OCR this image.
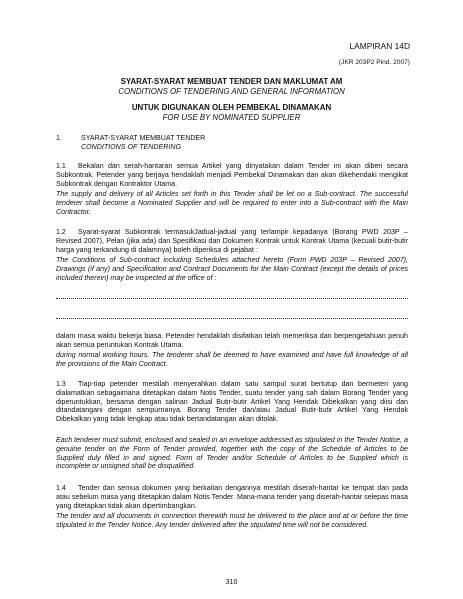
LAMPIRAN 14D
(JKR 203P2 Pind. 2007)
SYARAT-SYARAT MEMBUAT TENDER DAN MAKLUMAT AM
CONDITIONS OF TENDERING AND GENERAL INFORMATION
UNTUK DIGUNAKAN OLEH PEMBEKAL DINAMAKAN
FOR USE BY NOMINATED SUPPLIER
1.	SYARAT-SYARAT MEMBUAT TENDER
CONDITIONS OF TENDERING
1.1 Bekalan dan serah-hantaran semua Artikel yang dinyatakan dalam Tender ini akan diberi secara Subkontrak. Petender yang berjaya hendaklah menjadi Pembekal Dinamakan dan akan dikehendaki mengikat Subkontrak dengan Kontraktor Utama.
The supply and delivery of all Articles set forth in this Tender shall be let on a Sub-contract. The successful tenderer shall become a Nominated Supplier and will be required to enter into a Sub-contract with the Main Contractor.
1.2 Syarat-syarat Subkontrak termasukJadual-jadual yang terlampir kepadanya (Borang PWD 203P – Revised 2007), Pelan (jika ada) dan Spesifikasi dan Dokumen Kontrak untuk Kontrak Utama (kecuali butir-butir harga yang terkandung di dalamnya) boleh diperiksa di pejabat :
The Conditions of Sub-contract including Schedules attached hereto (Form PWD 203P – Revised 2007), Drawings (if any) and Specification and Contract Documents for the Main Contract (except the details of prices included therein) may be inspected at the office of :
dalam masa waktu bekerja biasa. Petender hendaklah disifatkan telah memeriksa dan berpengetahuan penuh akan semua peruntukan Kontrak Utama.
during normal working hours. The tenderer shall be deemed to have examined and have full knowledge of all the provisions of the Main Contract.
1.3 Tiap-tiap petender mestilah menyerahkan dalam satu sampul surat bertutup dan bermeteri yang dialamatkan sebagaimana ditetapkan dalam Notis Tender, suatu tender yang sah dalam Borang Tender yang diperuntukkan, bersama dengan salinan Jadual Butir-butir Artikel Yang Hendak Dibekalkan yang diisi dan ditandatangani dengan sempurnanya. Borang Tender dan/atau Jadual Butir-butir Artikel Yang Hendak Dibekalkan yang tidak lengkap atau tidak bertandatangan akan ditolak.
Each tenderer must submit, enclosed and sealed in an envelope addressed as stipulated in the Tender Notice, a genuine tender on the Form of Tender provided, together with the copy of the Schedule of Articles to be Supplied duly filled in and signed. Form of Tender and/or Schedule of Articles to be Supplied which is incomplete or unsigned shall be disqualified.
1.4 Tender dan semua dokumen yang berkaitan dengannya mestilah diserah-hantar ke tempat dan pada atau sebelum masa yang ditetapkan dalam Notis Tender. Mana-mana tender yang diserah-hantar selepas masa yang ditetapkan tidak akan dipertimbangkan.
The tender and all documents in connection therewith must be delivered to the place and at or before the time stipulated in the Tender Notice. Any tender delivered after the stipulated time will not be considered.
310
